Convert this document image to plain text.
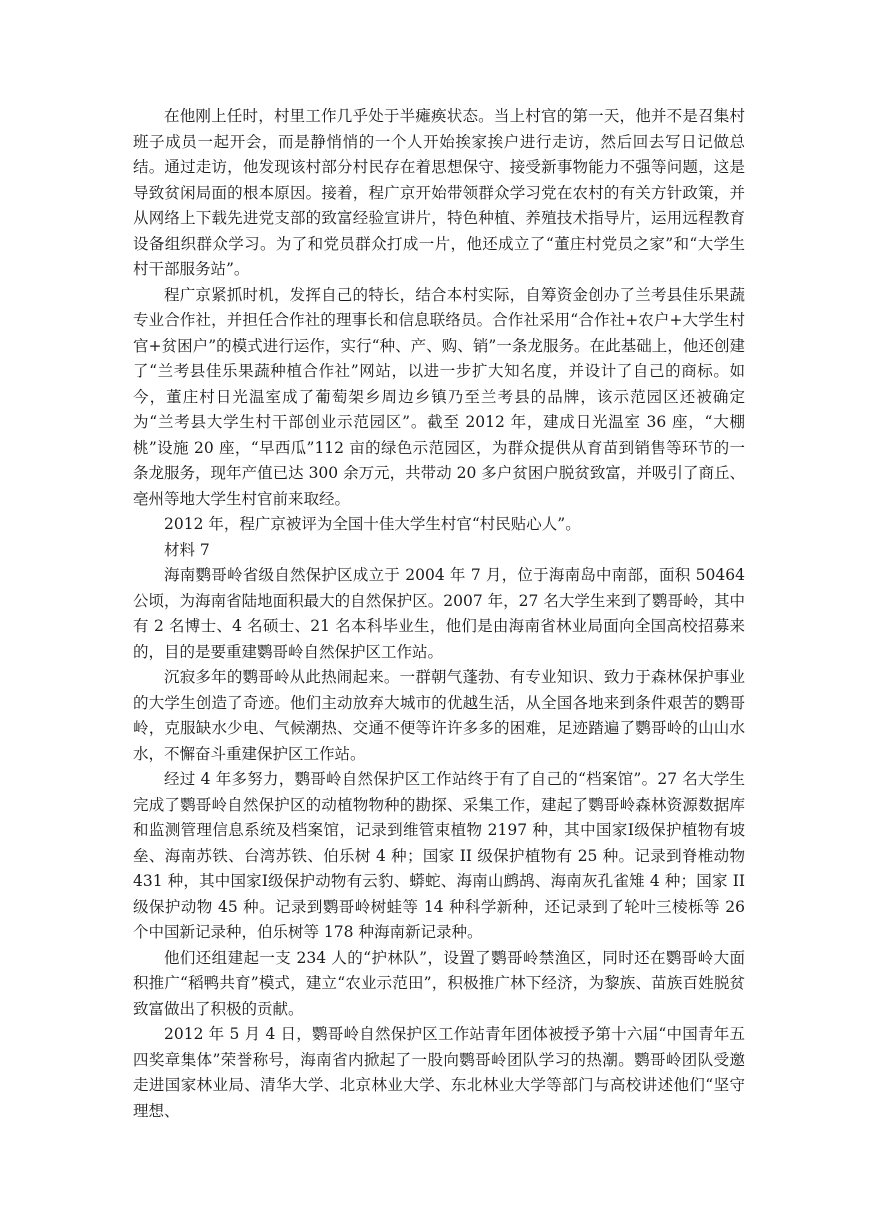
在他刚上任时，村里工作几乎处于半瘫痪状态。当上村官的第一天，他并不是召集村班子成员一起开会，而是静悄悄的一个人开始挨家挨户进行走访，然后回去写日记做总结。通过走访，他发现该村部分村民存在着思想保守、接受新事物能力不强等问题，这是导致贫闲局面的根本原因。接着，程广京开始带领群众学习党在农村的有关方针政策，并从网络上下载先进党支部的致富经验宣讲片，特色种植、养殖技术指导片，运用远程教育设备组织群众学习。为了和党员群众打成一片，他还成立了“董庄村党员之家”和“大学生村干部服务站”。

程广京紧抓时机，发挥自己的特长，结合本村实际，自筹资金创办了兰考县佳乐果蔬专业合作社，并担任合作社的理事长和信息联络员。合作社采用“合作社+农户+大学生村官+贫困户”的模式进行运作，实行“种、产、购、销”一条龙服务。在此基础上，他还创建了“兰考县佳乐果蔬种植合作社”网站，以进一步扩大知名度，并设计了自己的商标。如今，董庄村日光温室成了葡萄架乡周边乡镇乃至兰考县的品牌，该示范园区还被确定为“兰考县大学生村干部创业示范园区”。截至 2012 年，建成日光温室 36 座，“大棚桃”设施 20 座，“早西瓜”112 亩的绿色示范园区，为群众提供从育苗到销售等环节的一条龙服务，现年产值已达 300 余万元，共带动 20 多户贫困户脱贫致富，并吸引了商丘、亳州等地大学生村官前来取经。

2012 年，程广京被评为全国十佳大学生村官“村民贴心人”。

材料 7

海南鹦哥岭省级自然保护区成立于 2004 年 7 月，位于海南岛中南部，面积 50464 公顷，为海南省陆地面积最大的自然保护区。2007 年，27 名大学生来到了鹦哥岭，其中有 2 名博士、4 名硕士、21 名本科毕业生，他们是由海南省林业局面向全国高校招募来的，目的是要重建鹦哥岭自然保护区工作站。

沉寂多年的鹦哥岭从此热闹起来。一群朝气蓬勃、有专业知识、致力于森林保护事业的大学生创造了奇迹。他们主动放弃大城市的优越生活，从全国各地来到条件艰苦的鹦哥岭，克服缺水少电、气候潮热、交通不便等许许多多的困难，足迹踏遍了鹦哥岭的山山水水，不懈奋斗重建保护区工作站。

经过 4 年多努力，鹦哥岭自然保护区工作站终于有了自己的“档案馆”。27 名大学生完成了鹦哥岭自然保护区的动植物物种的勘探、采集工作，建起了鹦哥岭森林资源数据库和监测管理信息系统及档案馆，记录到维管束植物 2197 种，其中国家Ⅰ级保护植物有坡垒、海南苏铁、台湾苏铁、伯乐树 4 种；国家 II 级保护植物有 25 种。记录到脊椎动物 431 种，其中国家Ⅰ级保护动物有云豹、蟒蛇、海南山鹧鸪、海南灰孔雀雉 4 种；国家 II 级保护动物 45 种。记录到鹦哥岭树蛙等 14 种科学新种，还记录到了轮叶三棱栎等 26 个中国新记录种，伯乐树等 178 种海南新记录种。

他们还组建起一支 234 人的“护林队”，设置了鹦哥岭禁渔区，同时还在鹦哥岭大面积推广“稻鸭共育”模式，建立“农业示范田”，积极推广林下经济，为黎族、苗族百姓脱贫致富做出了积极的贡献。

2012 年 5 月 4 日，鹦哥岭自然保护区工作站青年团体被授予第十六届“中国青年五四奖章集体”荣誉称号，海南省内掀起了一股向鹦哥岭团队学习的热潮。鹦哥岭团队受邀走进国家林业局、清华大学、北京林业大学、东北林业大学等部门与高校讲述他们“坚守理想、
